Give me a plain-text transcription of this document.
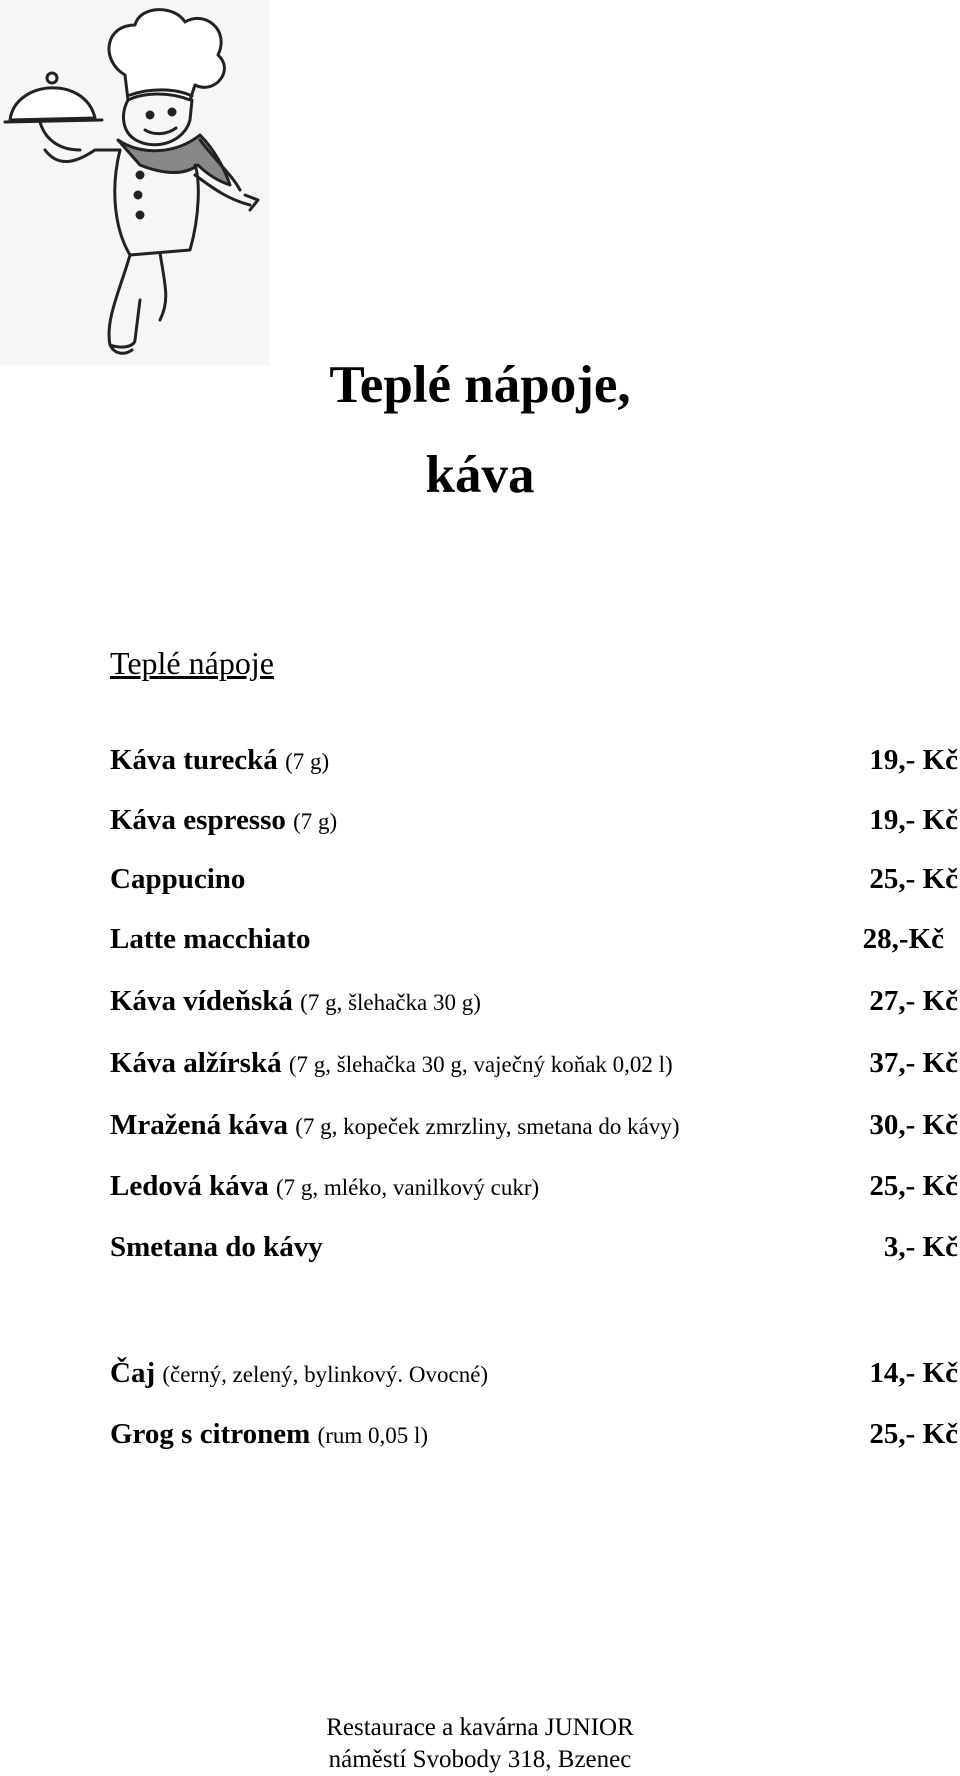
Teplé nápoje,
káva
Teplé nápoje
Káva turecká (7 g)	19,- Kč
Káva espresso (7 g)	19,- Kč
Cappucino	25,- Kč
Latte macchiato	28,-Kč
Káva vídeňská (7 g, šlehačka 30 g)	27,- Kč
Káva alžírská (7 g, šlehačka 30 g, vaječný koňak 0,02 l)	37,- Kč
Mražená káva (7 g, kopeček zmrzliny, smetana do kávy)	30,- Kč
Ledová káva (7 g, mléko, vanilkový cukr)	25,- Kč
Smetana do kávy	3,- Kč
Čaj (černý, zelený, bylinkový. Ovocné)	14,- Kč
Grog s citronem (rum 0,05 l)	25,- Kč
Restaurace a kavárna JUNIOR
náměstí Svobody 318, Bzenec
